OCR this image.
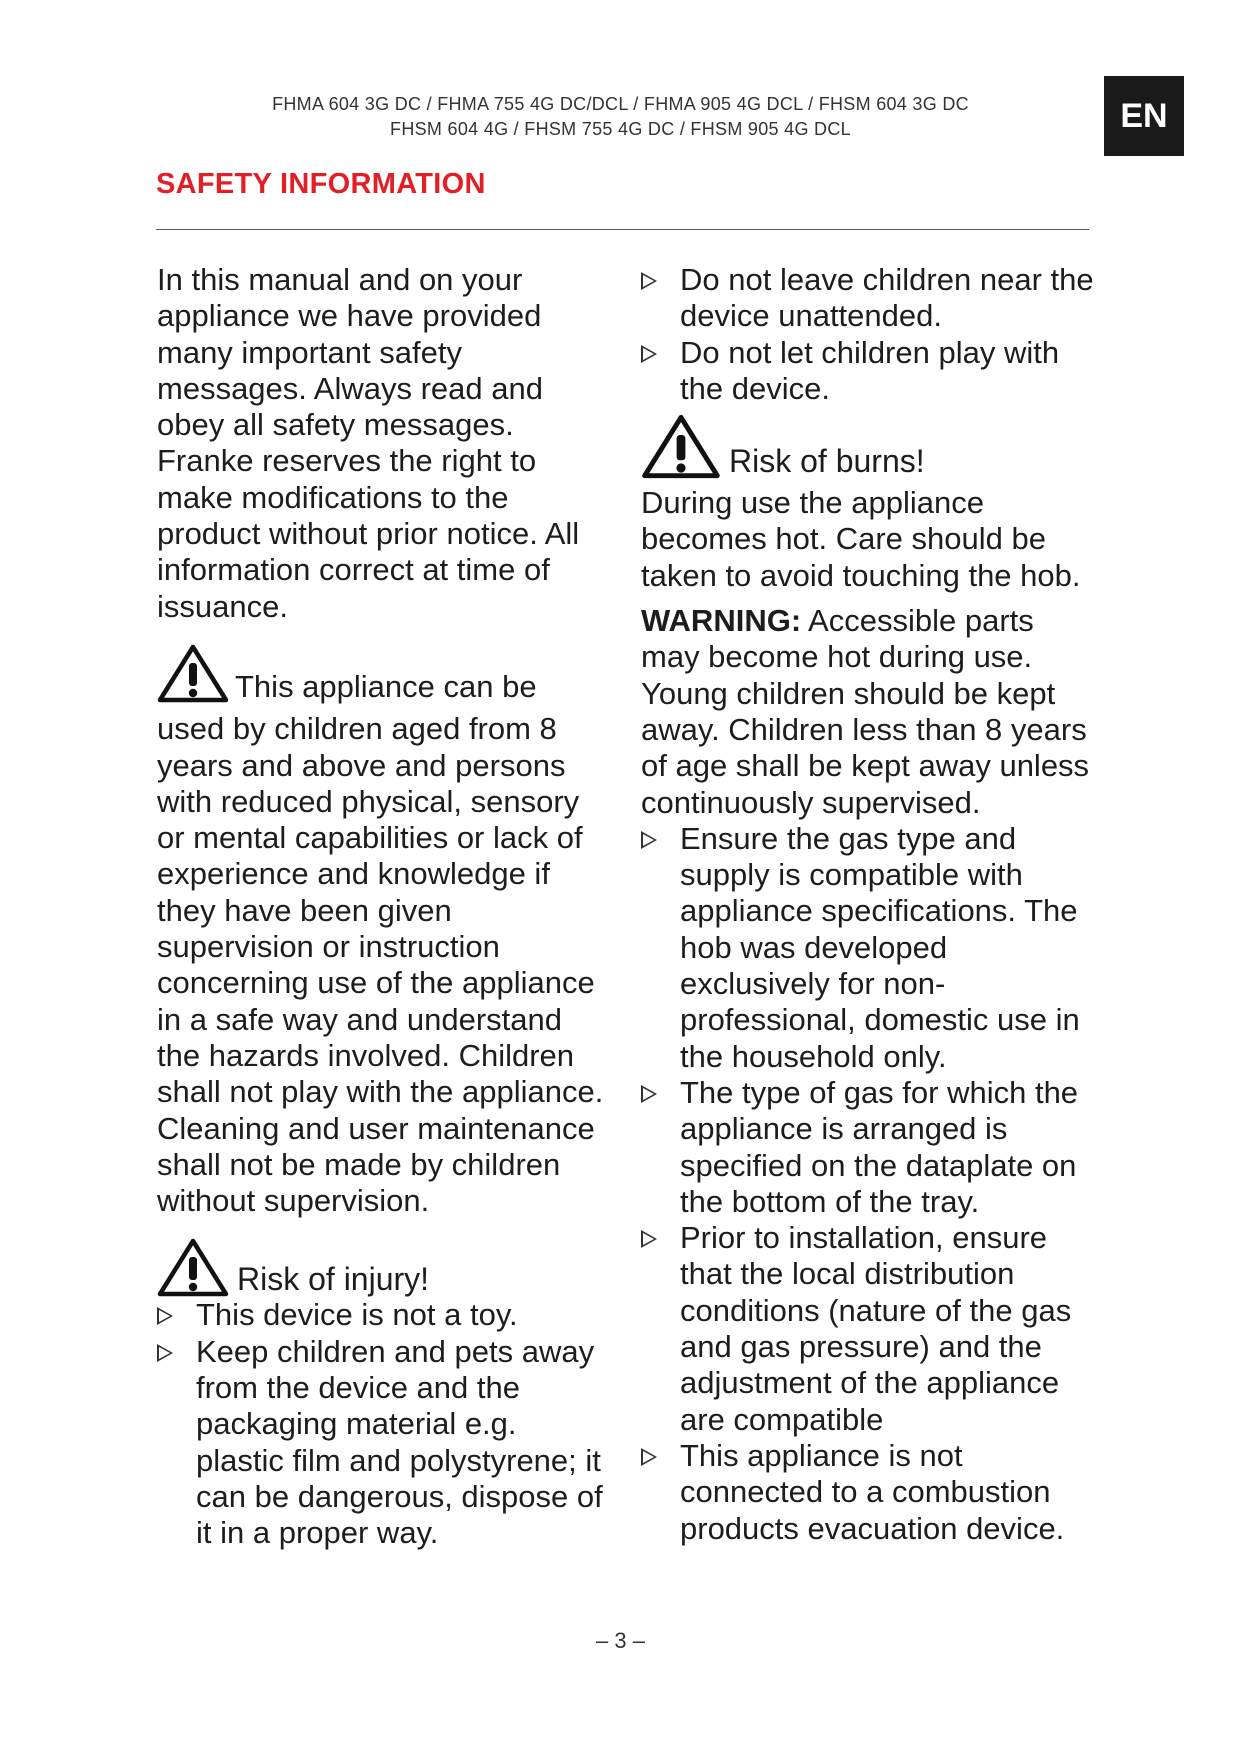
FHMA 604 3G DC / FHMA 755 4G DC/DCL / FHMA 905 4G DCL / FHSM 604 3G DC
FHSM 604 4G / FHSM 755 4G DC / FHSM 905 4G DCL	EN
SAFETY INFORMATION

In this manual and on your appliance we have provided many important safety messages. Always read and obey all safety messages. Franke reserves the right to make modifications to the product without prior notice. All information correct at time of issuance.

This appliance can be used by children aged from 8 years and above and persons with reduced physical, sensory or mental capabilities or lack of experience and knowledge if they have been given supervision or instruction concerning use of the appliance in a safe way and understand the hazards involved. Children shall not play with the appliance. Cleaning and user maintenance shall not be made by children without supervision.
Risk of injury!
This device is not a toy.
Keep children and pets away from the device and the packaging material e.g. plastic film and polystyrene; it can be dangerous, dispose of it in a proper way.
Do not leave children near the device unattended.
Do not let children play with the device.
Risk of burns!

During use the appliance becomes hot. Care should be taken to avoid touching the hob.

WARNING: Accessible parts may become hot during use. Young children should be kept away. Children less than 8 years of age shall be kept away unless continuously supervised.

Ensure the gas type and supply is compatible with appliance specifications. The hob was developed exclusively for non-professional, domestic use in the household only.
The type of gas for which the appliance is arranged is specified on the dataplate on the bottom of the tray.
Prior to installation, ensure that the local distribution conditions (nature of the gas and gas pressure) and the adjustment of the appliance are compatible
This appliance is not connected to a combustion products evacuation device.
– 3 –
